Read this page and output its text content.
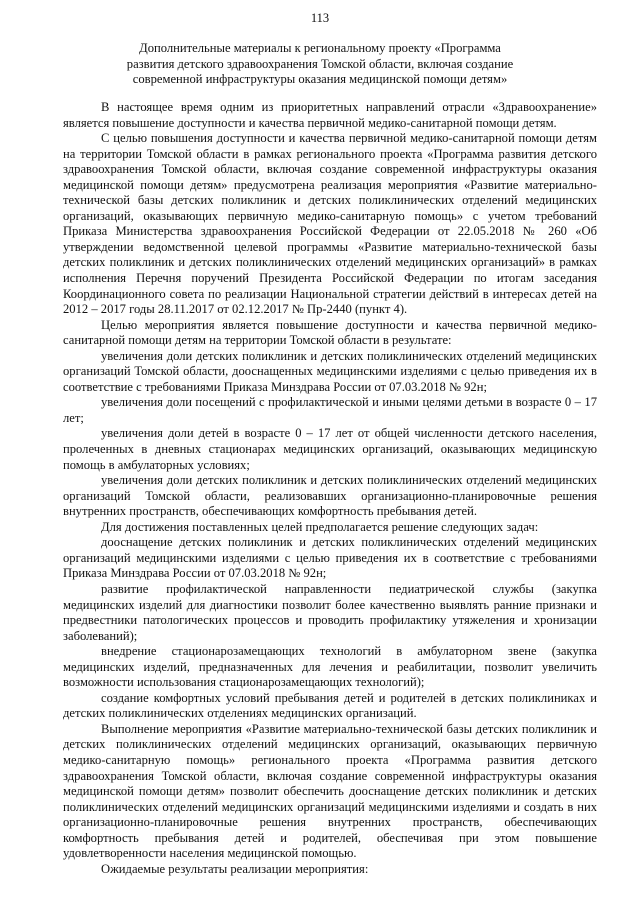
113
Дополнительные материалы к региональному проекту «Программа
развития детского здравоохранения Томской области, включая создание
современной инфраструктуры оказания медицинской помощи детям»

В настоящее время одним из приоритетных направлений отрасли «Здравоохранение» является повышение доступности и качества первичной медико-санитарной помощи детям.

С целью повышения доступности и качества первичной медико-санитарной помощи детям на территории Томской области в рамках регионального проекта «Программа развития детского здравоохранения Томской области, включая создание современной инфраструктуры оказания медицинской помощи детям» предусмотрена реализация мероприятия «Развитие материально-технической базы детских поликлиник и детских поликлинических отделений медицинских организаций, оказывающих первичную медико-санитарную помощь» с учетом требований Приказа Министерства здравоохранения Российской Федерации от 22.05.2018 № 260 «Об утверждении ведомственной целевой программы «Развитие материально-технической базы детских поликлиник и детских поликлинических отделений медицинских организаций» в рамках исполнения Перечня поручений Президента Российской Федерации по итогам заседания Координационного совета по реализации Национальной стратегии действий в интересах детей на 2012 – 2017 годы 28.11.2017 от 02.12.2017 № Пр-2440 (пункт 4).

Целью мероприятия является повышение доступности и качества первичной медико-санитарной помощи детям на территории Томской области в результате:

увеличения доли детских поликлиник и детских поликлинических отделений медицинских организаций Томской области, дооснащенных медицинскими изделиями с целью приведения их в соответствие с требованиями Приказа Минздрава России от 07.03.2018 № 92н;

увеличения доли посещений с профилактической и иными целями детьми в возрасте 0 – 17 лет;

увеличения доли детей в возрасте 0 – 17 лет от общей численности детского населения, пролеченных в дневных стационарах медицинских организаций, оказывающих медицинскую помощь в амбулаторных условиях;

увеличения доли детских поликлиник и детских поликлинических отделений медицинских организаций Томской области, реализовавших организационно-планировочные решения внутренних пространств, обеспечивающих комфортность пребывания детей.

Для достижения поставленных целей предполагается решение следующих задач:

дооснащение детских поликлиник и детских поликлинических отделений медицинских организаций медицинскими изделиями с целью приведения их в соответствие с требованиями Приказа Минздрава России от 07.03.2018 № 92н;

развитие профилактической направленности педиатрической службы (закупка медицинских изделий для диагностики позволит более качественно выявлять ранние признаки и предвестники патологических процессов и проводить профилактику утяжеления и хронизации заболеваний);

внедрение стационарозамещающих технологий в амбулаторном звене (закупка медицинских изделий, предназначенных для лечения и реабилитации, позволит увеличить возможности использования стационарозамещающих технологий);

создание комфортных условий пребывания детей и родителей в детских поликлиниках и детских поликлинических отделениях медицинских организаций.

Выполнение мероприятия «Развитие материально-технической базы детских поликлиник и детских поликлинических отделений медицинских организаций, оказывающих первичную медико-санитарную помощь» регионального проекта «Программа развития детского здравоохранения Томской области, включая создание современной инфраструктуры оказания медицинской помощи детям» позволит обеспечить дооснащение детских поликлиник и детских поликлинических отделений медицинских организаций медицинскими изделиями и создать в них организационно-планировочные решения внутренних пространств, обеспечивающих комфортность пребывания детей и родителей, обеспечивая при этом повышение удовлетворенности населения медицинской помощью.

Ожидаемые результаты реализации мероприятия:
